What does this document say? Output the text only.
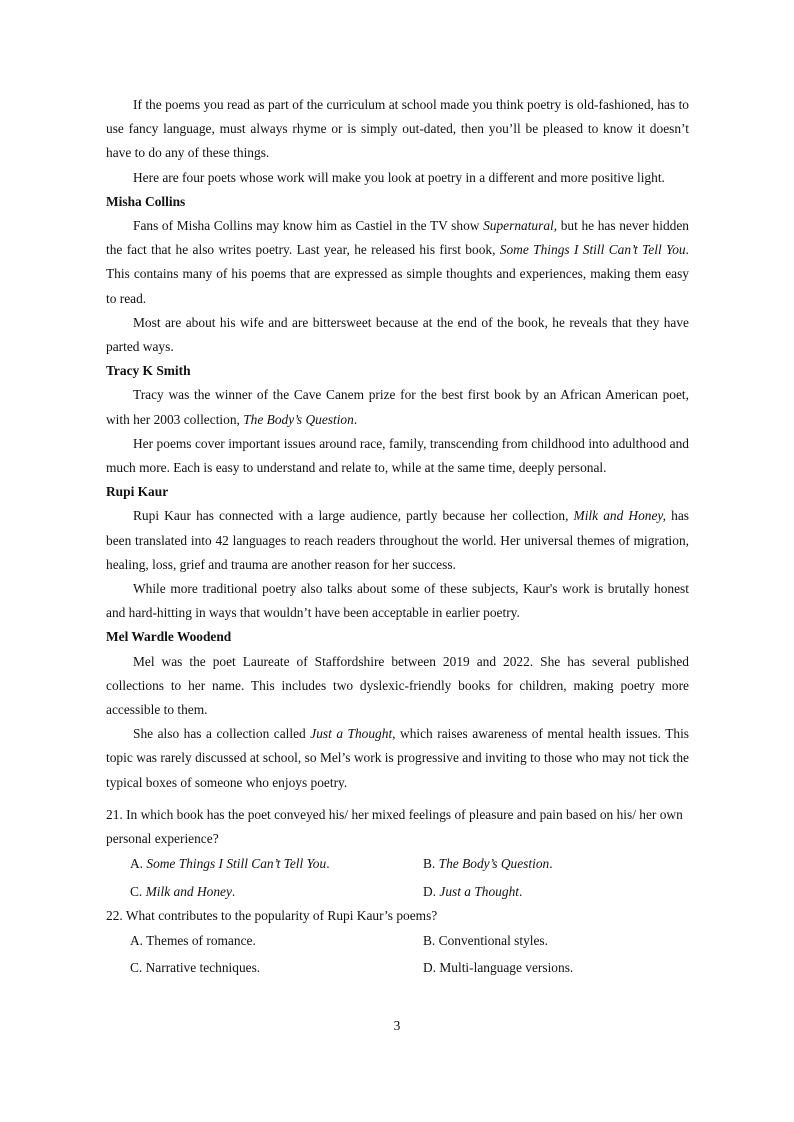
If the poems you read as part of the curriculum at school made you think poetry is old-fashioned, has to use fancy language, must always rhyme or is simply out-dated, then you’ll be pleased to know it doesn’t have to do any of these things.

Here are four poets whose work will make you look at poetry in a different and more positive light.

Misha Collins

Fans of Misha Collins may know him as Castiel in the TV show Supernatural, but he has never hidden the fact that he also writes poetry. Last year, he released his first book, Some Things I Still Can’t Tell You. This contains many of his poems that are expressed as simple thoughts and experiences, making them easy to read.

Most are about his wife and are bittersweet because at the end of the book, he reveals that they have parted ways.

Tracy K Smith

Tracy was the winner of the Cave Canem prize for the best first book by an African American poet, with her 2003 collection, The Body’s Question.

Her poems cover important issues around race, family, transcending from childhood into adulthood and much more. Each is easy to understand and relate to, while at the same time, deeply personal.

Rupi Kaur

Rupi Kaur has connected with a large audience, partly because her collection, Milk and Honey, has been translated into 42 languages to reach readers throughout the world. Her universal themes of migration, healing, loss, grief and trauma are another reason for her success.

While more traditional poetry also talks about some of these subjects, Kaur's work is brutally honest and hard-hitting in ways that wouldn’t have been acceptable in earlier poetry.

Mel Wardle Woodend

Mel was the poet Laureate of Staffordshire between 2019 and 2022. She has several published collections to her name. This includes two dyslexic-friendly books for children, making poetry more accessible to them.

She also has a collection called Just a Thought, which raises awareness of mental health issues. This topic was rarely discussed at school, so Mel’s work is progressive and inviting to those who may not tick the typical boxes of someone who enjoys poetry.

21. In which book has the poet conveyed his/ her mixed feelings of pleasure and pain based on his/ her own personal experience?

A. Some Things I Still Can’t Tell You.	B. The Body’s Question.

C. Milk and Honey.	D. Just a Thought.

22. What contributes to the popularity of Rupi Kaur’s poems?

A. Themes of romance.	B. Conventional styles.

C. Narrative techniques.	D. Multi-language versions.

3
